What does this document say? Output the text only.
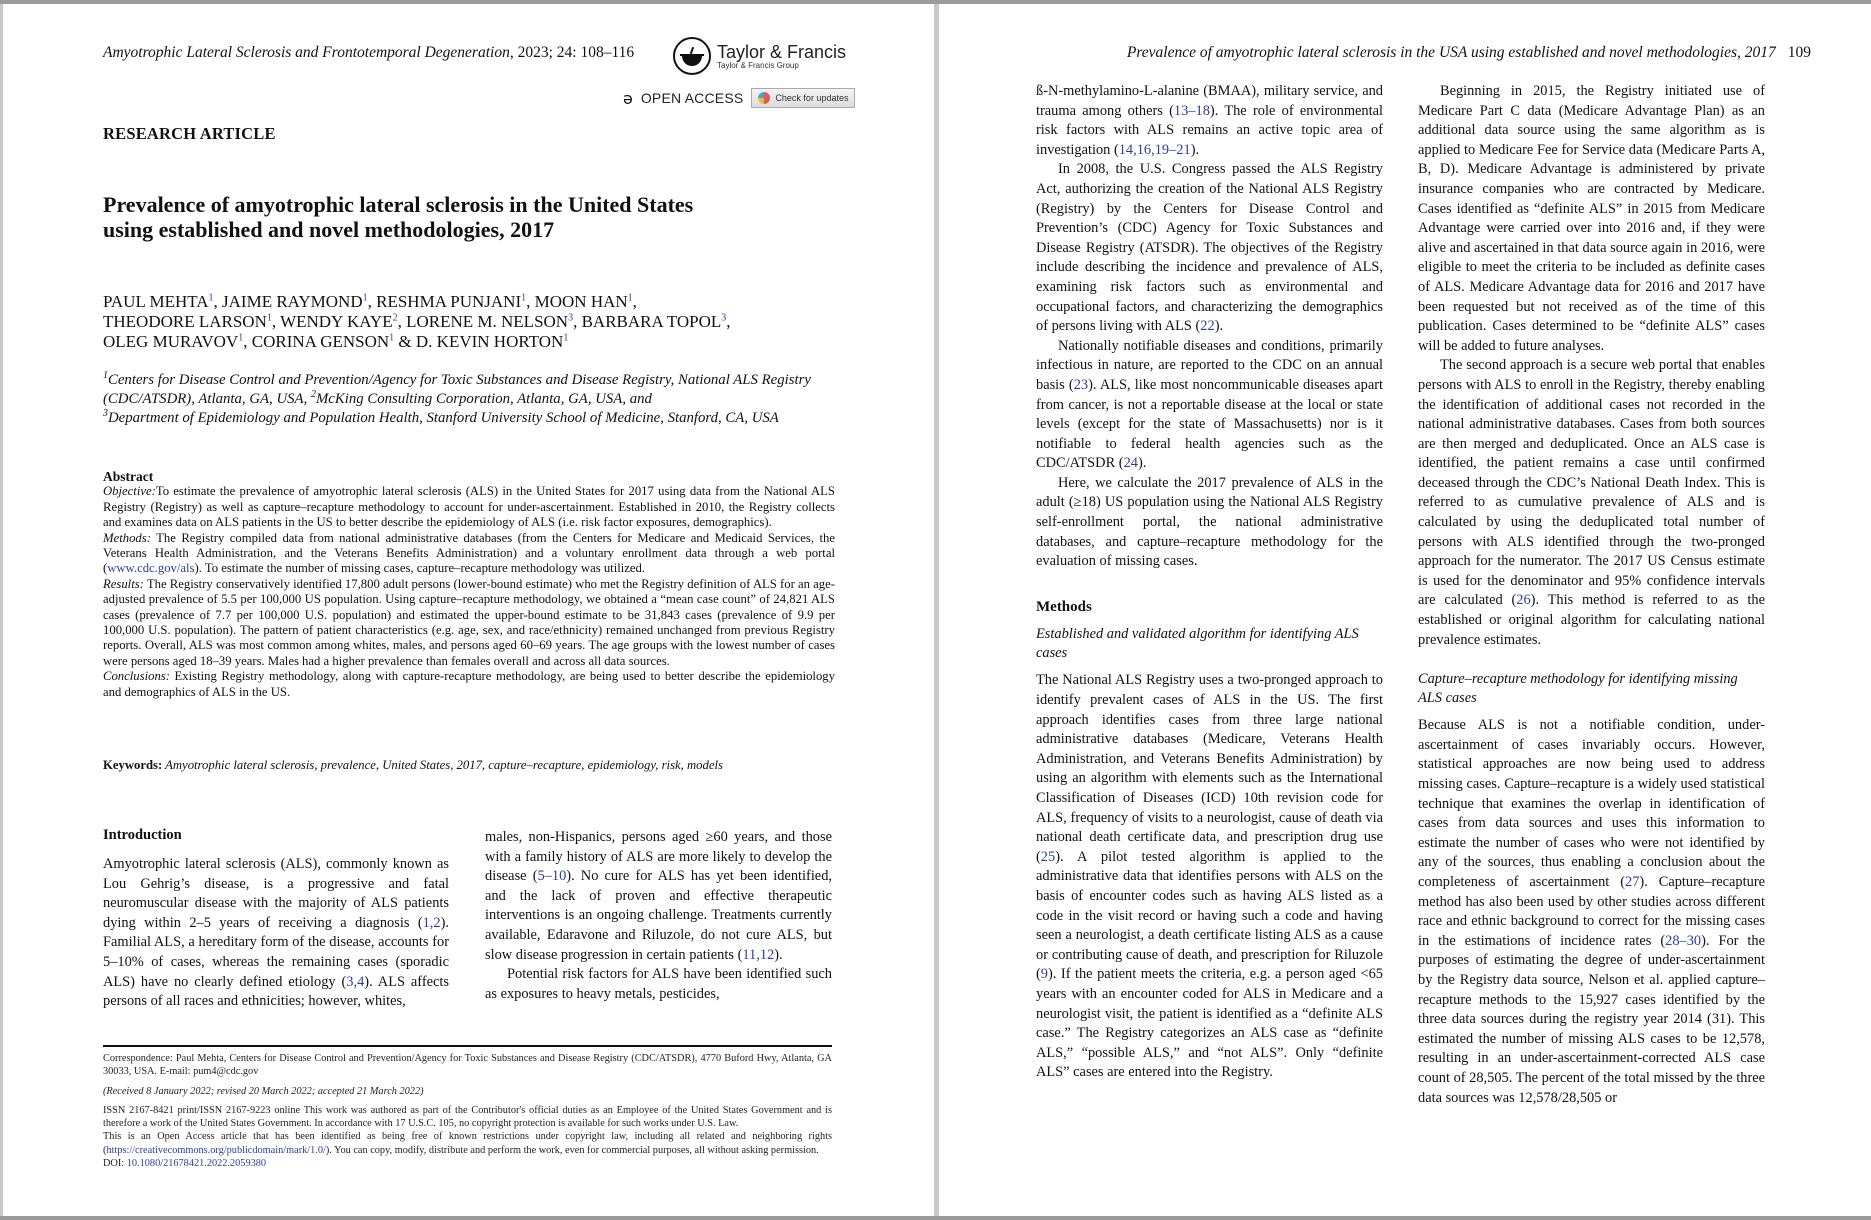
Amyotrophic Lateral Sclerosis and Frontotemporal Degeneration, 2023; 24: 108–116	Taylor & Francis
Taylor & Francis Group
ə OPEN ACCESS	Check for updates
RESEARCH ARTICLE
Prevalence of amyotrophic lateral sclerosis in the United States
using established and novel methodologies, 2017
PAUL MEHTA$^1$, JAIME RAYMOND$^1$, RESHMA PUNJANI$^1$, MOON HAN$^1$,
THEODORE LARSON$^1$, WENDY KAYE$^2$, LORENE M. NELSON$^3$, BARBARA TOPOL$^3$,
OLEG MURAVOV$^1$, CORINA GENSON$^1$ & D. KEVIN HORTON$^1$
$^1$Centers for Disease Control and Prevention/Agency for Toxic Substances and Disease Registry, National ALS Registry (CDC/ATSDR), Atlanta, GA, USA, $^2$McKing Consulting Corporation, Atlanta, GA, USA, and
$^3$Department of Epidemiology and Population Health, Stanford University School of Medicine, Stanford, CA, USA
Abstract

Objective:To estimate the prevalence of amyotrophic lateral sclerosis (ALS) in the United States for 2017 using data from the National ALS Registry (Registry) as well as capture–recapture methodology to account for under-ascertainment. Established in 2010, the Registry collects and examines data on ALS patients in the US to better describe the epidemiology of ALS (i.e. risk factor exposures, demographics).

Methods: The Registry compiled data from national administrative databases (from the Centers for Medicare and Medicaid Services, the Veterans Health Administration, and the Veterans Benefits Administration) and a voluntary enrollment data through a web portal (www.cdc.gov/als). To estimate the number of missing cases, capture–recapture methodology was utilized.

Results: The Registry conservatively identified 17,800 adult persons (lower-bound estimate) who met the Registry definition of ALS for an age-adjusted prevalence of 5.5 per 100,000 US population. Using capture–recapture methodology, we obtained a “mean case count” of 24,821 ALS cases (prevalence of 7.7 per 100,000 U.S. population) and estimated the upper-bound estimate to be 31,843 cases (prevalence of 9.9 per 100,000 U.S. population). The pattern of patient characteristics (e.g. age, sex, and race/ethnicity) remained unchanged from previous Registry reports. Overall, ALS was most common among whites, males, and persons aged 60–69 years. The age groups with the lowest number of cases were persons aged 18–39 years. Males had a higher prevalence than females overall and across all data sources.

Conclusions: Existing Registry methodology, along with capture-recapture methodology, are being used to better describe the epidemiology and demographics of ALS in the US.

Keywords: Amyotrophic lateral sclerosis, prevalence, United States, 2017, capture–recapture, epidemiology, risk, models
Introduction
Amyotrophic lateral sclerosis (ALS), commonly known as Lou Gehrig’s disease, is a progressive and fatal neuromuscular disease with the majority of ALS patients dying within 2–5 years of receiving a diagnosis (1,2). Familial ALS, a hereditary form of the disease, accounts for 5–10% of cases, whereas the remaining cases (sporadic ALS) have no clearly defined etiology (3,4). ALS affects persons of all races and ethnicities; however, whites,

males, non-Hispanics, persons aged ≥60 years, and those with a family history of ALS are more likely to develop the disease (5–10). No cure for ALS has yet been identified, and the lack of proven and effective therapeutic interventions is an ongoing challenge. Treatments currently available, Edaravone and Riluzole, do not cure ALS, but slow disease progression in certain patients (11,12).

Potential risk factors for ALS have been identified such as exposures to heavy metals, pesticides,

Correspondence: Paul Mehta, Centers for Disease Control and Prevention/Agency for Toxic Substances and Disease Registry (CDC/ATSDR), 4770 Buford Hwy, Atlanta, GA 30033, USA. E-mail: pum4@cdc.gov
(Received 8 January 2022; revised 20 March 2022; accepted 21 March 2022)
ISSN 2167-8421 print/ISSN 2167-9223 online This work was authored as part of the Contributor's official duties as an Employee of the United States Government and is therefore a work of the United States Government. In accordance with 17 U.S.C. 105, no copyright protection is available for such works under U.S. Law.
This is an Open Access article that has been identified as being free of known restrictions under copyright law, including all related and neighboring rights (https://creativecommons.org/publicdomain/mark/1.0/). You can copy, modify, distribute and perform the work, even for commercial purposes, all without asking permission.
DOI: 10.1080/21678421.2022.2059380
Prevalence of amyotrophic lateral sclerosis in the USA using established and novel methodologies, 2017 109

ß-N-methylamino-L-alanine (BMAA), military service, and trauma among others (13–18). The role of environmental risk factors with ALS remains an active topic area of investigation (14,16,19–21).

In 2008, the U.S. Congress passed the ALS Registry Act, authorizing the creation of the National ALS Registry (Registry) by the Centers for Disease Control and Prevention’s (CDC) Agency for Toxic Substances and Disease Registry (ATSDR). The objectives of the Registry include describing the incidence and prevalence of ALS, examining risk factors such as environmental and occupational factors, and characterizing the demographics of persons living with ALS (22).

Nationally notifiable diseases and conditions, primarily infectious in nature, are reported to the CDC on an annual basis (23). ALS, like most noncommunicable diseases apart from cancer, is not a reportable disease at the local or state levels (except for the state of Massachusetts) nor is it notifiable to federal health agencies such as the CDC/ATSDR (24).

Here, we calculate the 2017 prevalence of ALS in the adult (≥18) US population using the National ALS Registry self-enrollment portal, the national administrative databases, and capture–recapture methodology for the evaluation of missing cases.

Methods
Established and validated algorithm for identifying ALS cases

The National ALS Registry uses a two-pronged approach to identify prevalent cases of ALS in the US. The first approach identifies cases from three large national administrative databases (Medicare, Veterans Health Administration, and Veterans Benefits Administration) by using an algorithm with elements such as the International Classification of Diseases (ICD) 10th revision code for ALS, frequency of visits to a neurologist, cause of death via national death certificate data, and prescription drug use (25). A pilot tested algorithm is applied to the administrative data that identifies persons with ALS on the basis of encounter codes such as having ALS listed as a code in the visit record or having such a code and having seen a neurologist, a death certificate listing ALS as a cause or contributing cause of death, and prescription for Riluzole (9). If the patient meets the criteria, e.g. a person aged <65 years with an encounter coded for ALS in Medicare and a neurologist visit, the patient is identified as a “definite ALS case.” The Registry categorizes an ALS case as “definite ALS,” “possible ALS,” and “not ALS”. Only “definite ALS” cases are entered into the Registry.

Beginning in 2015, the Registry initiated use of Medicare Part C data (Medicare Advantage Plan) as an additional data source using the same algorithm as is applied to Medicare Fee for Service data (Medicare Parts A, B, D). Medicare Advantage is administered by private insurance companies who are contracted by Medicare. Cases identified as “definite ALS” in 2015 from Medicare Advantage were carried over into 2016 and, if they were alive and ascertained in that data source again in 2016, were eligible to meet the criteria to be included as definite cases of ALS. Medicare Advantage data for 2016 and 2017 have been requested but not received as of the time of this publication. Cases determined to be “definite ALS” cases will be added to future analyses.

The second approach is a secure web portal that enables persons with ALS to enroll in the Registry, thereby enabling the identification of additional cases not recorded in the national administrative databases. Cases from both sources are then merged and deduplicated. Once an ALS case is identified, the patient remains a case until confirmed deceased through the CDC’s National Death Index. This is referred to as cumulative prevalence of ALS and is calculated by using the deduplicated total number of persons with ALS identified through the two-pronged approach for the numerator. The 2017 US Census estimate is used for the denominator and 95% confidence intervals are calculated (26). This method is referred to as the established or original algorithm for calculating national prevalence estimates.

Capture–recapture methodology for identifying missing ALS cases

Because ALS is not a notifiable condition, under-ascertainment of cases invariably occurs. However, statistical approaches are now being used to address missing cases. Capture–recapture is a widely used statistical technique that examines the overlap in identification of cases from data sources and uses this information to estimate the number of cases who were not identified by any of the sources, thus enabling a conclusion about the completeness of ascertainment (27). Capture–recapture method has also been used by other studies across different race and ethnic background to correct for the missing cases in the estimations of incidence rates (28–30). For the purposes of estimating the degree of under-ascertainment by the Registry data source, Nelson et al. applied capture–recapture methods to the 15,927 cases identified by the three data sources during the registry year 2014 (31). This estimated the number of missing ALS cases to be 12,578, resulting in an under-ascertainment-corrected ALS case count of 28,505. The percent of the total missed by the three data sources was 12,578/28,505 or
